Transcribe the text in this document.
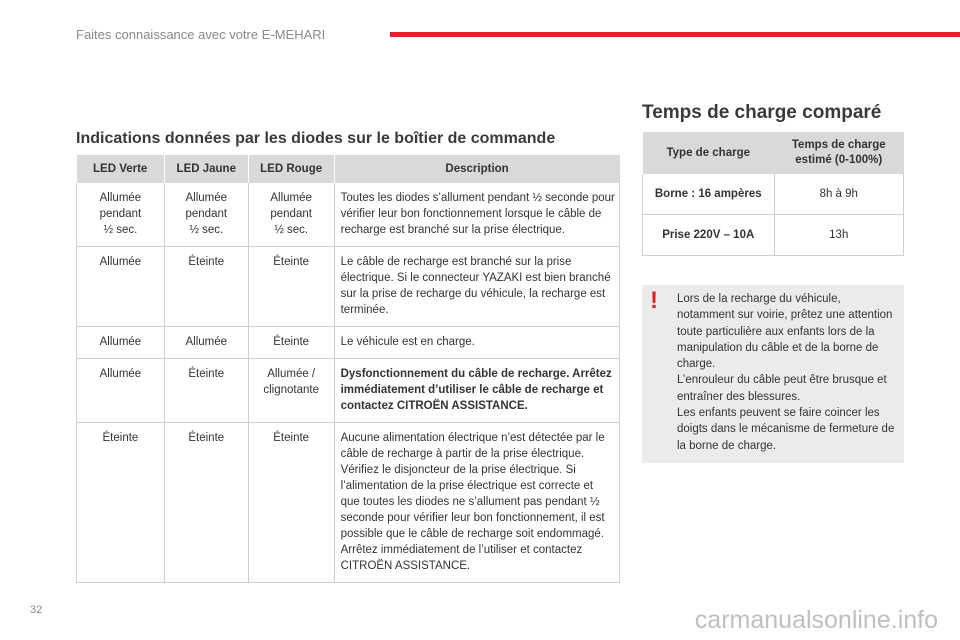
Faites connaissance avec votre E-MEHARI
Indications données par les diodes sur le boîtier de commande
LED Verte	LED Jaune	LED Rouge	Description
Allumée
pendant
½ sec.	Allumée
pendant
½ sec.	Allumée
pendant
½ sec.	Toutes les diodes s’allument pendant ½ seconde pour vérifier leur bon fonctionnement lorsque le câble de recharge est branché sur la prise électrique.
Allumée	Éteinte	Éteinte	Le câble de recharge est branché sur la prise électrique. Si le connecteur YAZAKI est bien branché sur la prise de recharge du véhicule, la recharge est terminée.
Allumée	Allumée	Éteinte	Le véhicule est en charge.
Allumée	Éteinte	Allumée /
clignotante	Dysfonctionnement du câble de recharge. Arrêtez immédiatement d’utiliser le câble de recharge et contactez CITROËN ASSISTANCE.
Éteinte	Éteinte	Éteinte	Aucune alimentation électrique n’est détectée par le câble de recharge à partir de la prise électrique. Vérifiez le disjoncteur de la prise électrique. Si l’alimentation de la prise électrique est correcte et que toutes les diodes ne s’allument pas pendant ½ seconde pour vérifier leur bon fonctionnement, il est possible que le câble de recharge soit endommagé. Arrêtez immédiatement de l’utiliser et contactez CITROËN ASSISTANCE.
Temps de charge comparé
Type de charge	Temps de charge estimé (0-100%)
Borne : 16 ampères	8h à 9h
Prise 220V – 10A	13h
! Lors de la recharge du véhicule, notamment sur voirie, prêtez une attention toute particulière aux enfants lors de la manipulation du câble et de la borne de charge.
L’enrouleur du câble peut être brusque et entraîner des blessures.
Les enfants peuvent se faire coincer les doigts dans le mécanisme de fermeture de la borne de charge.
32	carmanualsonline.info
